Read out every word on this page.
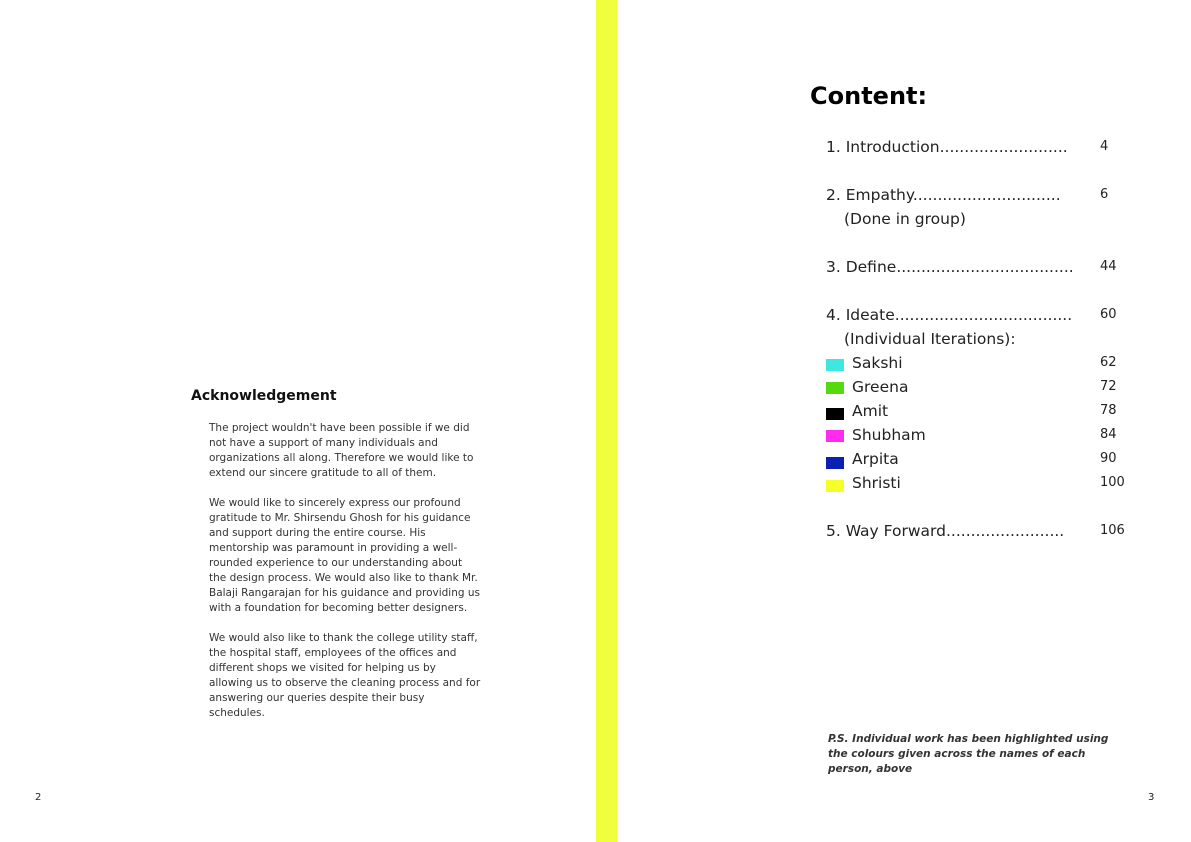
Acknowledgement

The project wouldn't have been possible if we did not have a support of many individuals and organizations all along. Therefore we would like to extend our sincere gratitude to all of them.

We would like to sincerely express our profound gratitude to Mr. Shirsendu Ghosh for his guidance and support during the entire course. His mentorship was paramount in providing a well-rounded experience to our understanding about the design process. We would also like to thank Mr. Balaji Rangarajan for his guidance and providing us with a foundation for becoming better designers.

We would also like to thank the college utility staff, the hospital staff, employees of the offices and different shops we visited for helping us by allowing us to observe the cleaning process and for answering our queries despite their busy schedules.

2
Content:
1. Introduction.......................... 4
2. Empathy..............................	6
(Done in group)
3. Define.................................... 44
4. Ideate.................................... 60
(Individual Iterations):
Sakshi	62
Greena	72
Amit	78
Shubham	84
Arpita	90
Shristi	100
5. Way Forward........................	106
P.S. Individual work has been highlighted using the colours given across the names of each person, above
3
